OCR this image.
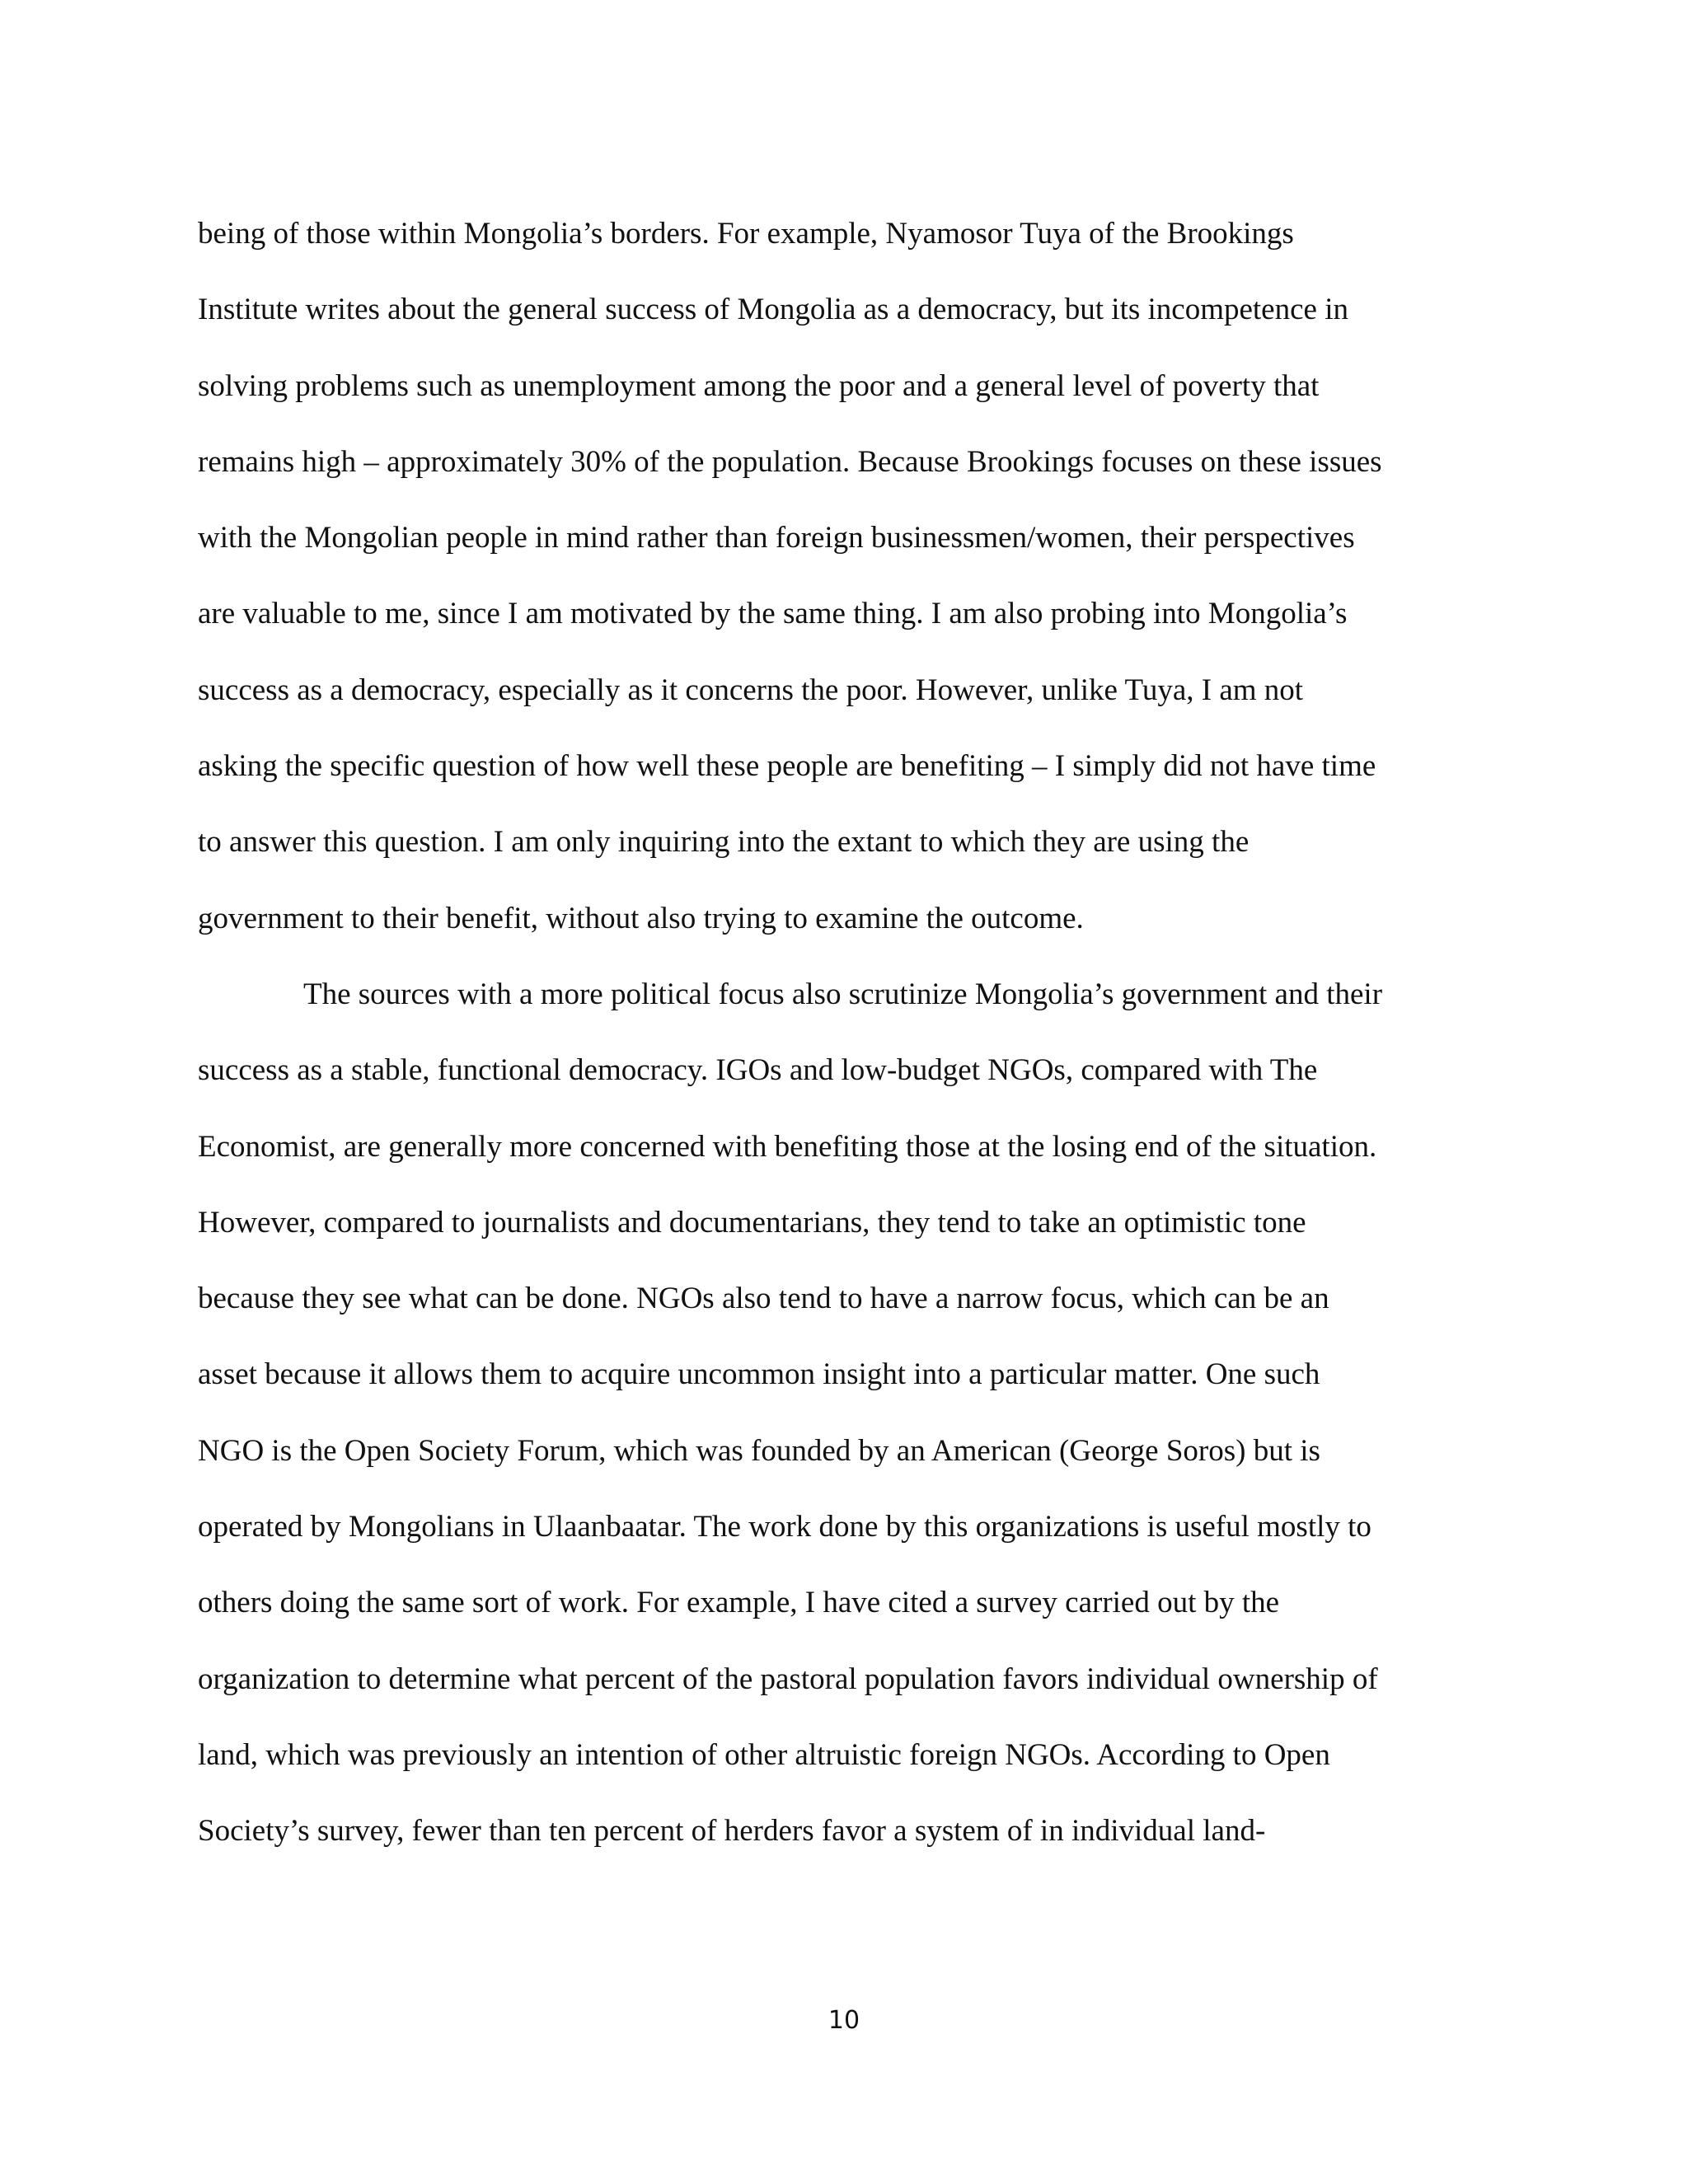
being of those within Mongolia’s borders. For example, Nyamosor Tuya of the Brookings
Institute writes about the general success of Mongolia as a democracy, but its incompetence in
solving problems such as unemployment among the poor and a general level of poverty that
remains high – approximately 30% of the population. Because Brookings focuses on these issues
with the Mongolian people in mind rather than foreign businessmen/women, their perspectives
are valuable to me, since I am motivated by the same thing. I am also probing into Mongolia’s
success as a democracy, especially as it concerns the poor. However, unlike Tuya, I am not
asking the specific question of how well these people are benefiting – I simply did not have time
to answer this question. I am only inquiring into the extant to which they are using the
government to their benefit, without also trying to examine the outcome.
The sources with a more political focus also scrutinize Mongolia’s government and their
success as a stable, functional democracy. IGOs and low-budget NGOs, compared with The
Economist, are generally more concerned with benefiting those at the losing end of the situation.
However, compared to journalists and documentarians, they tend to take an optimistic tone
because they see what can be done. NGOs also tend to have a narrow focus, which can be an
asset because it allows them to acquire uncommon insight into a particular matter. One such
NGO is the Open Society Forum, which was founded by an American (George Soros) but is
operated by Mongolians in Ulaanbaatar. The work done by this organizations is useful mostly to
others doing the same sort of work. For example, I have cited a survey carried out by the
organization to determine what percent of the pastoral population favors individual ownership of
land, which was previously an intention of other altruistic foreign NGOs. According to Open
Society’s survey, fewer than ten percent of herders favor a system of in individual land-
10
